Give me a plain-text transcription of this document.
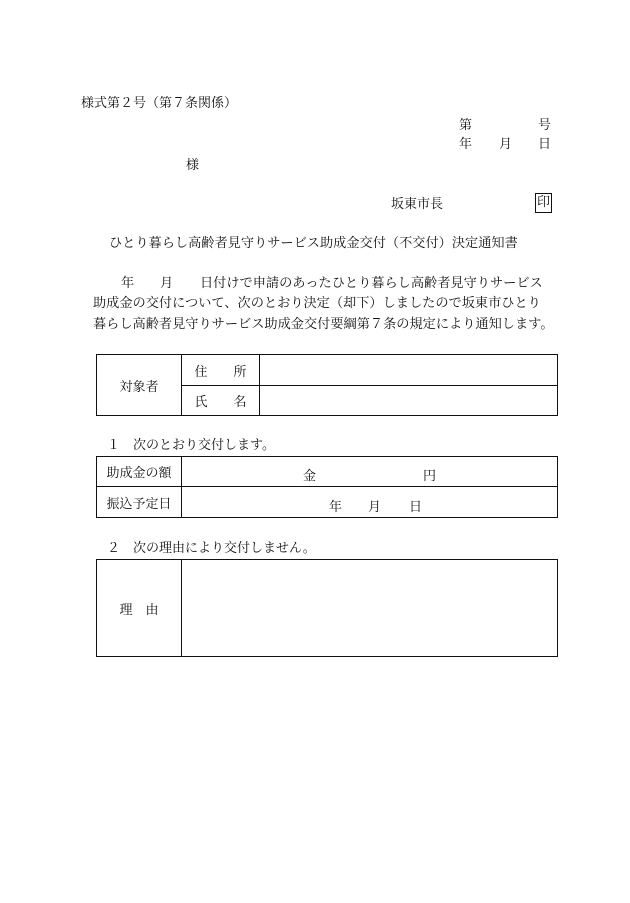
様式第２号（第７条関係）
第	号
年 月 日
様
坂東市長	印
ひとり暮らし高齢者見守りサービス助成金交付（不交付）決定通知書
年 月 日付けで申請のあったひとり暮らし高齢者見守りサービス
助成金の交付について、次のとおり決定（却下）しましたので坂東市ひとり
暮らし高齢者見守りサービス助成金交付要綱第７条の規定により通知します。
対象者	住　　所	
	氏　　名	
１　次のとおり交付します。
助成金の額	金 円

振込予定日	年 月 日
２　次の理由により交付しません。
理　由	
